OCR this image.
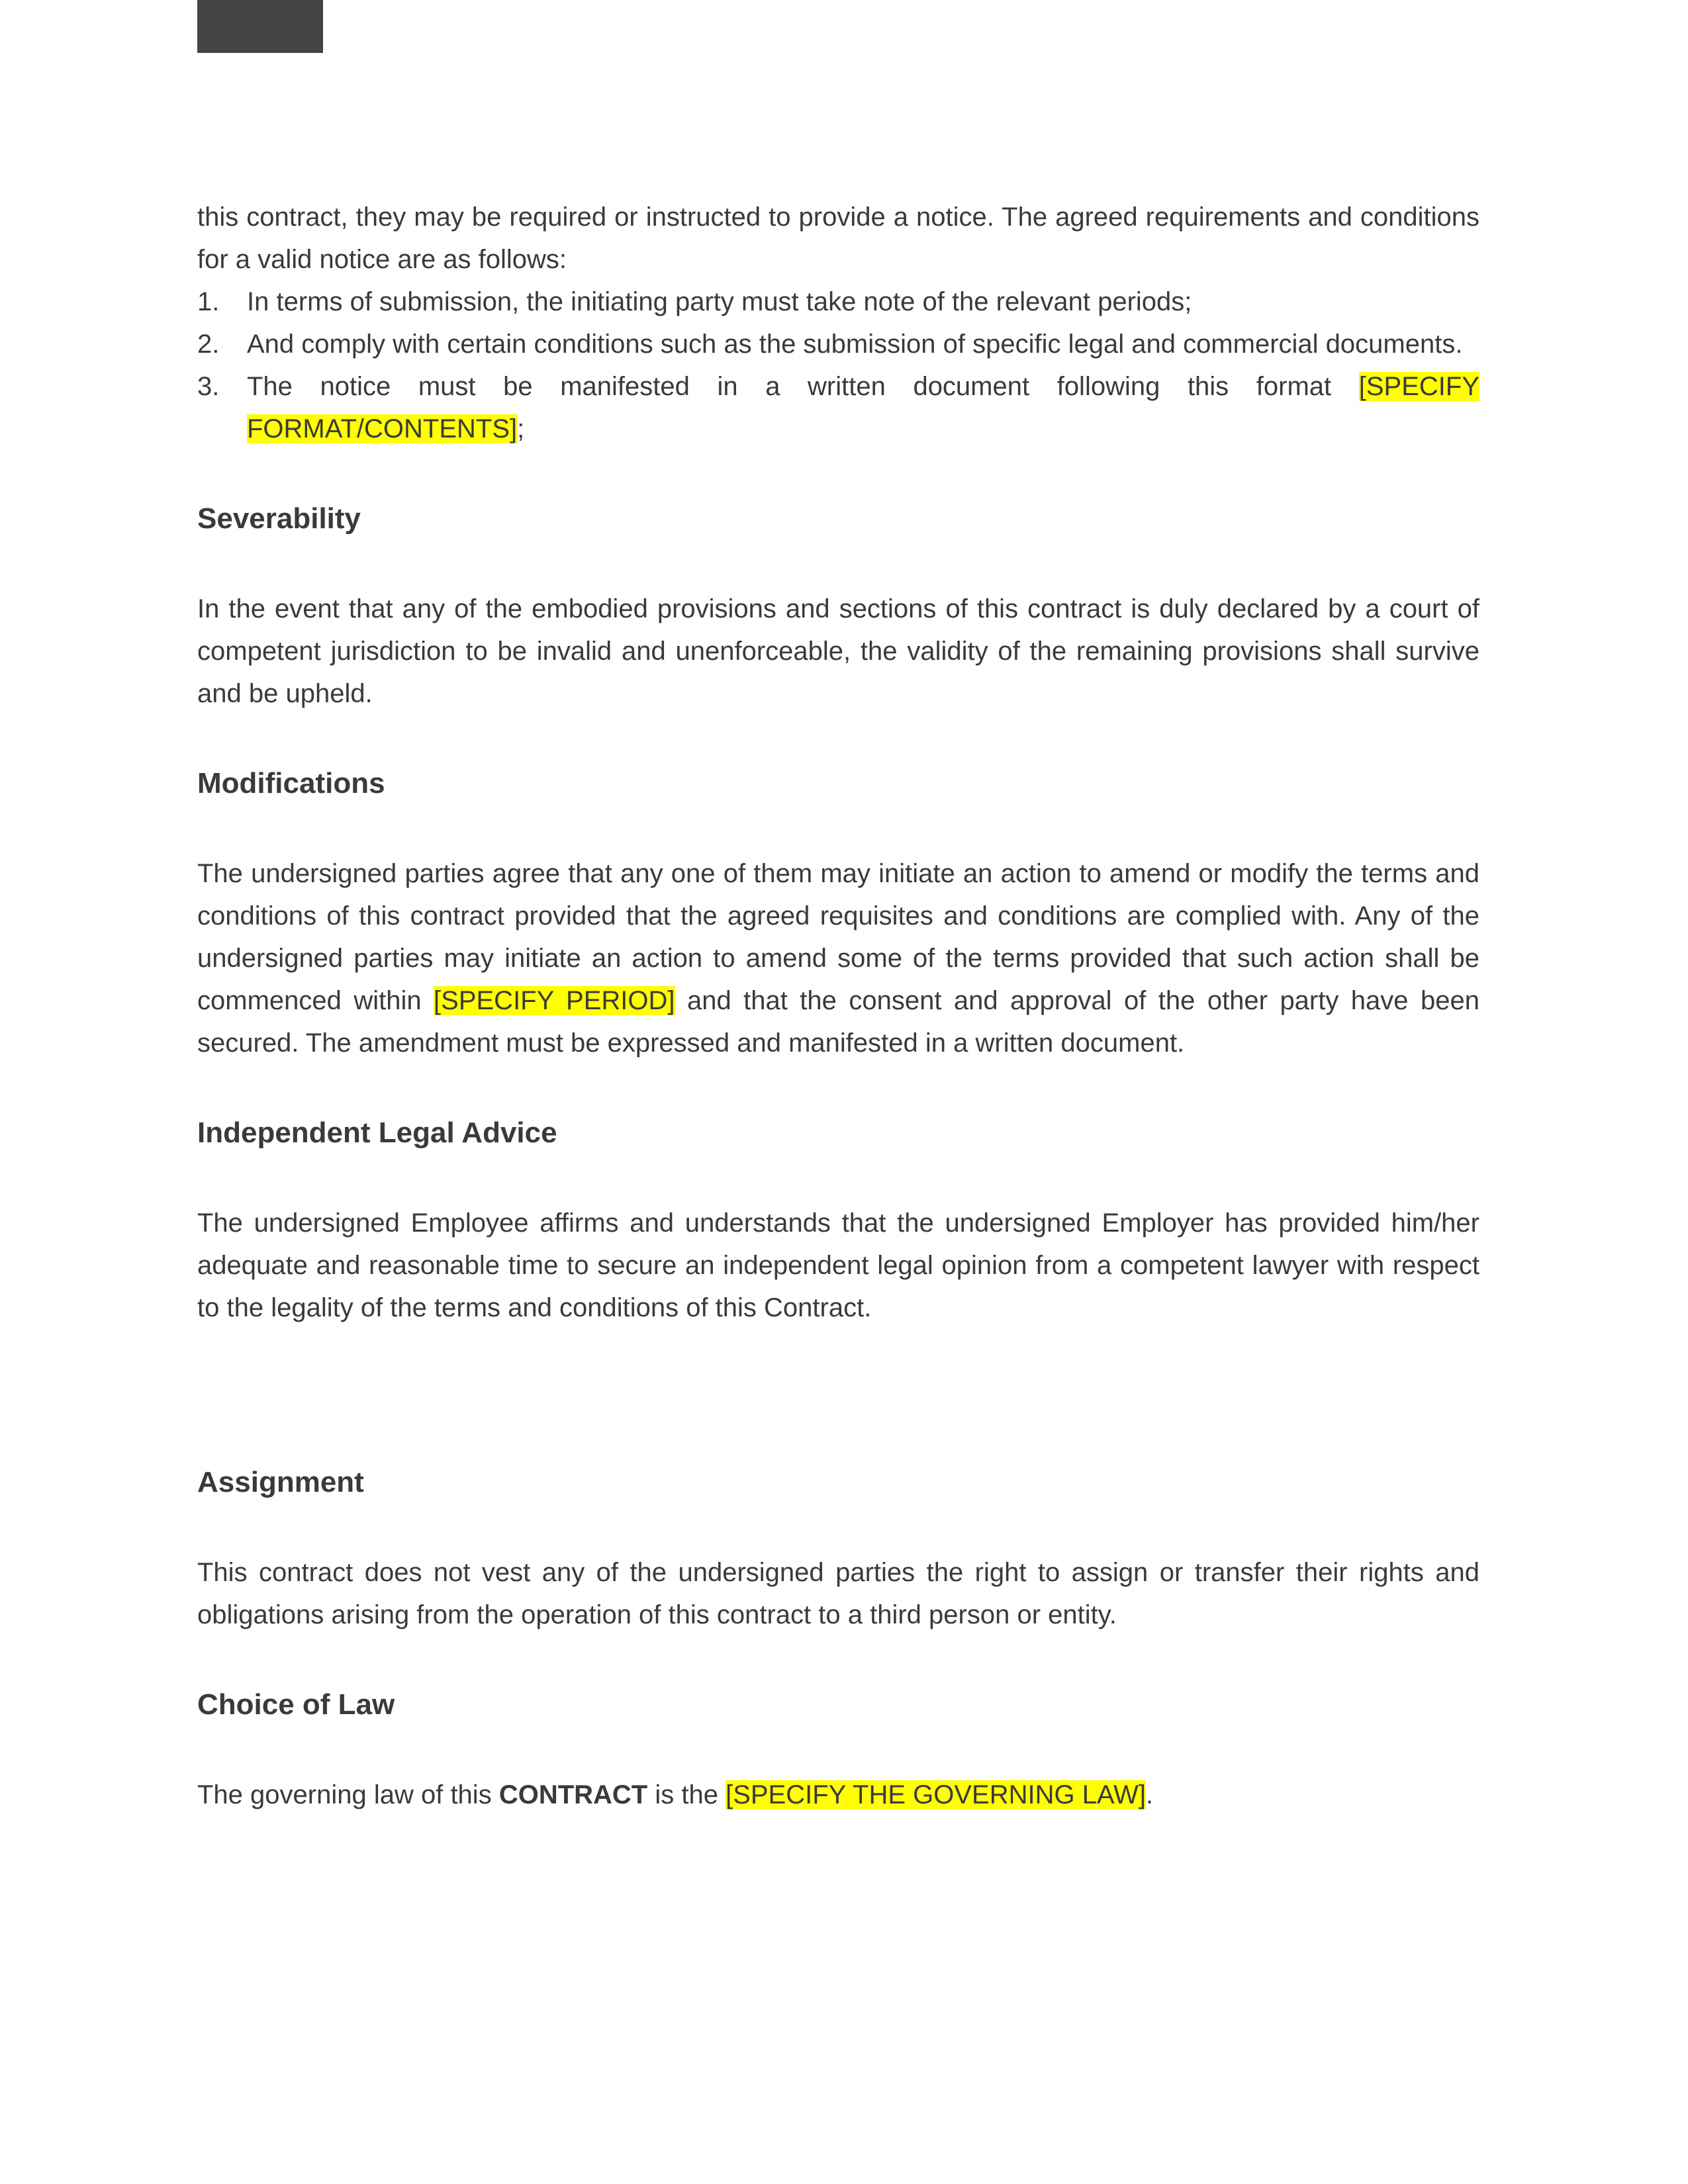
this contract, they may be required or instructed to provide a notice. The agreed requirements and conditions for a valid notice are as follows:

1. In terms of submission, the initiating party must take note of the relevant periods;
2. And comply with certain conditions such as the submission of specific legal and commercial documents.
3. The notice must be manifested in a written document following this format [SPECIFY FORMAT/CONTENTS];
Severability

In the event that any of the embodied provisions and sections of this contract is duly declared by a court of competent jurisdiction to be invalid and unenforceable, the validity of the remaining provisions shall survive and be upheld.

Modifications

The undersigned parties agree that any one of them may initiate an action to amend or modify the terms and conditions of this contract provided that the agreed requisites and conditions are complied with. Any of the undersigned parties may initiate an action to amend some of the terms provided that such action shall be commenced within [SPECIFY PERIOD] and that the consent and approval of the other party have been secured. The amendment must be expressed and manifested in a written document.

Independent Legal Advice

The undersigned Employee affirms and understands that the undersigned Employer has provided him/her adequate and reasonable time to secure an independent legal opinion from a competent lawyer with respect to the legality of the terms and conditions of this Contract.

Assignment

This contract does not vest any of the undersigned parties the right to assign or transfer their rights and obligations arising from the operation of this contract to a third person or entity.

Choice of Law

The governing law of this CONTRACT is the [SPECIFY THE GOVERNING LAW].
